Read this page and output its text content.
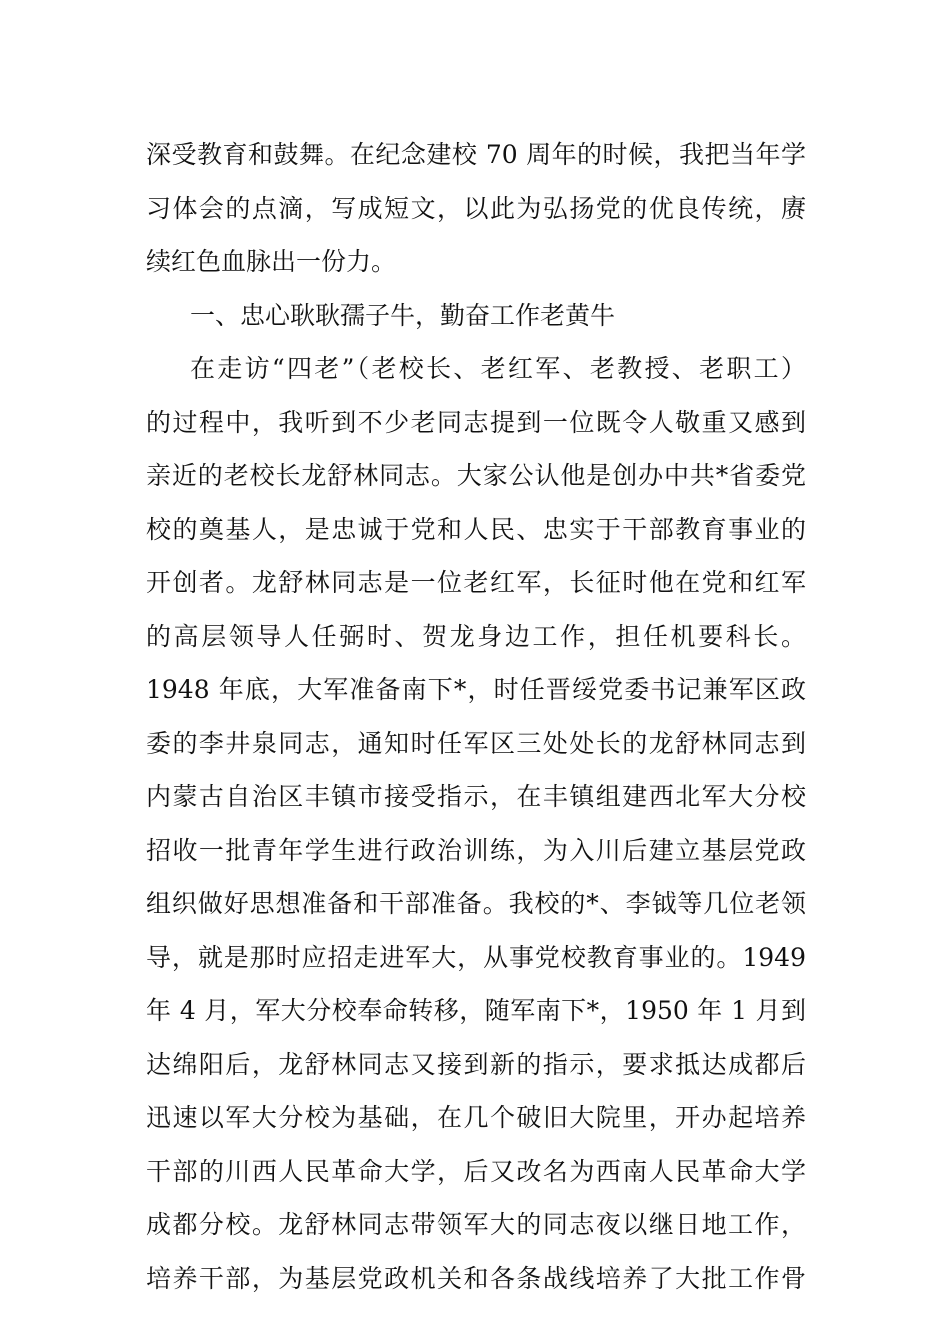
深受教育和鼓舞。在纪念建校 70 周年的时候，我把当年学
习体会的点滴，写成短文，以此为弘扬党的优良传统，赓
续红色血脉出一份力。
一、忠心耿耿孺子牛，勤奋工作老黄牛
在走访“四老”（老校长、老红军、老教授、老职工）
的过程中，我听到不少老同志提到一位既令人敬重又感到
亲近的老校长龙舒林同志。大家公认他是创办中共*省委党
校的奠基人，是忠诚于党和人民、忠实于干部教育事业的
开创者。龙舒林同志是一位老红军，长征时他在党和红军
的高层领导人任弼时、贺龙身边工作，担任机要科长。
1948 年底，大军准备南下*，时任晋绥党委书记兼军区政
委的李井泉同志，通知时任军区三处处长的龙舒林同志到
内蒙古自治区丰镇市接受指示，在丰镇组建西北军大分校
招收一批青年学生进行政治训练，为入川后建立基层党政
组织做好思想准备和干部准备。我校的*、李钺等几位老领
导，就是那时应招走进军大，从事党校教育事业的。1949
年 4 月，军大分校奉命转移，随军南下*，1950 年 1 月到
达绵阳后，龙舒林同志又接到新的指示，要求抵达成都后
迅速以军大分校为基础，在几个破旧大院里，开办起培养
干部的川西人民革命大学，后又改名为西南人民革命大学
成都分校。龙舒林同志带领军大的同志夜以继日地工作，
培养干部，为基层党政机关和各条战线培养了大批工作骨
